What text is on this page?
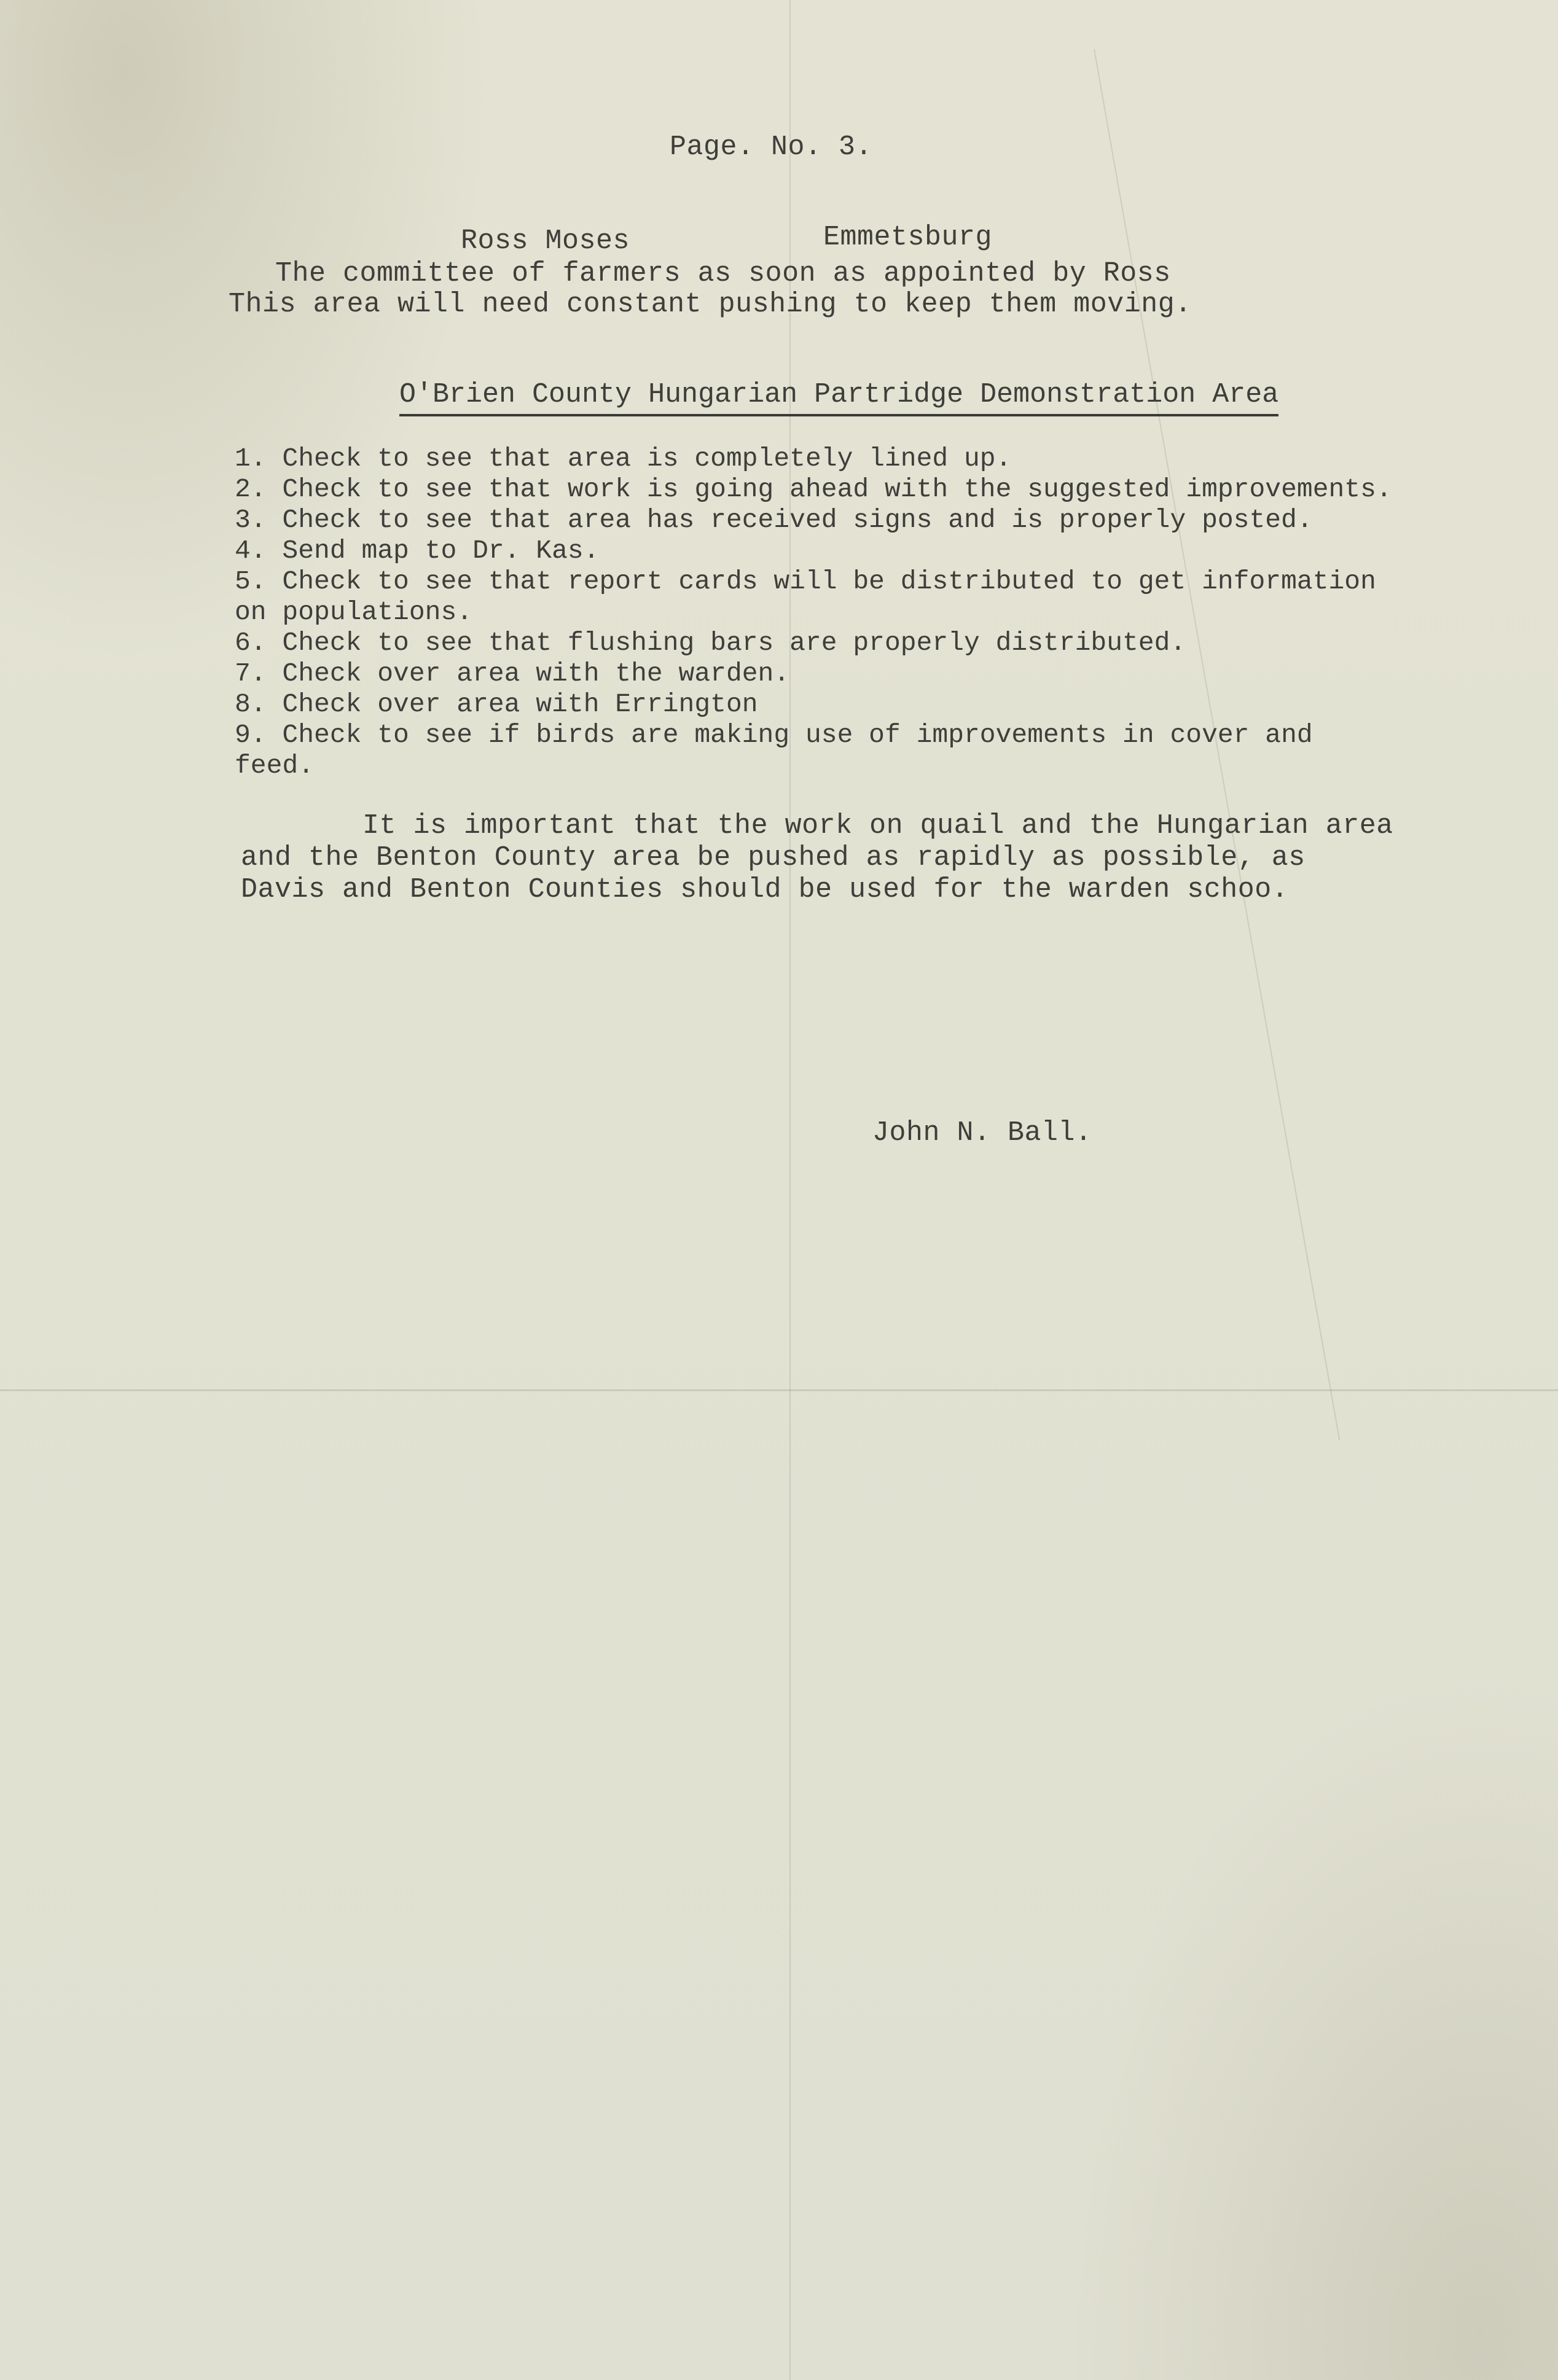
Page. No. 3.
Ross Moses	Emmetsburg
The committee of farmers as soon as appointed by Ross
This area will need constant pushing to keep them moving.
O'Brien County Hungarian Partridge Demonstration Area
1. Check to see that area is completely lined up.
2. Check to see that work is going ahead with the suggested improvements.
3. Check to see that area has received signs and is properly posted.
4. Send map to Dr. Kas.
5. Check to see that report cards will be distributed to get information
on populations.
6. Check to see that flushing bars are properly distributed.
7. Check over area with the warden.
8. Check over area with Errington
9. Check to see if birds are making use of improvements in cover and
feed.
It is important that the work on quail and the Hungarian area
and the Benton County area be pushed as rapidly as possible, as
Davis and Benton Counties should be used for the warden schoo.
John N. Ball.
